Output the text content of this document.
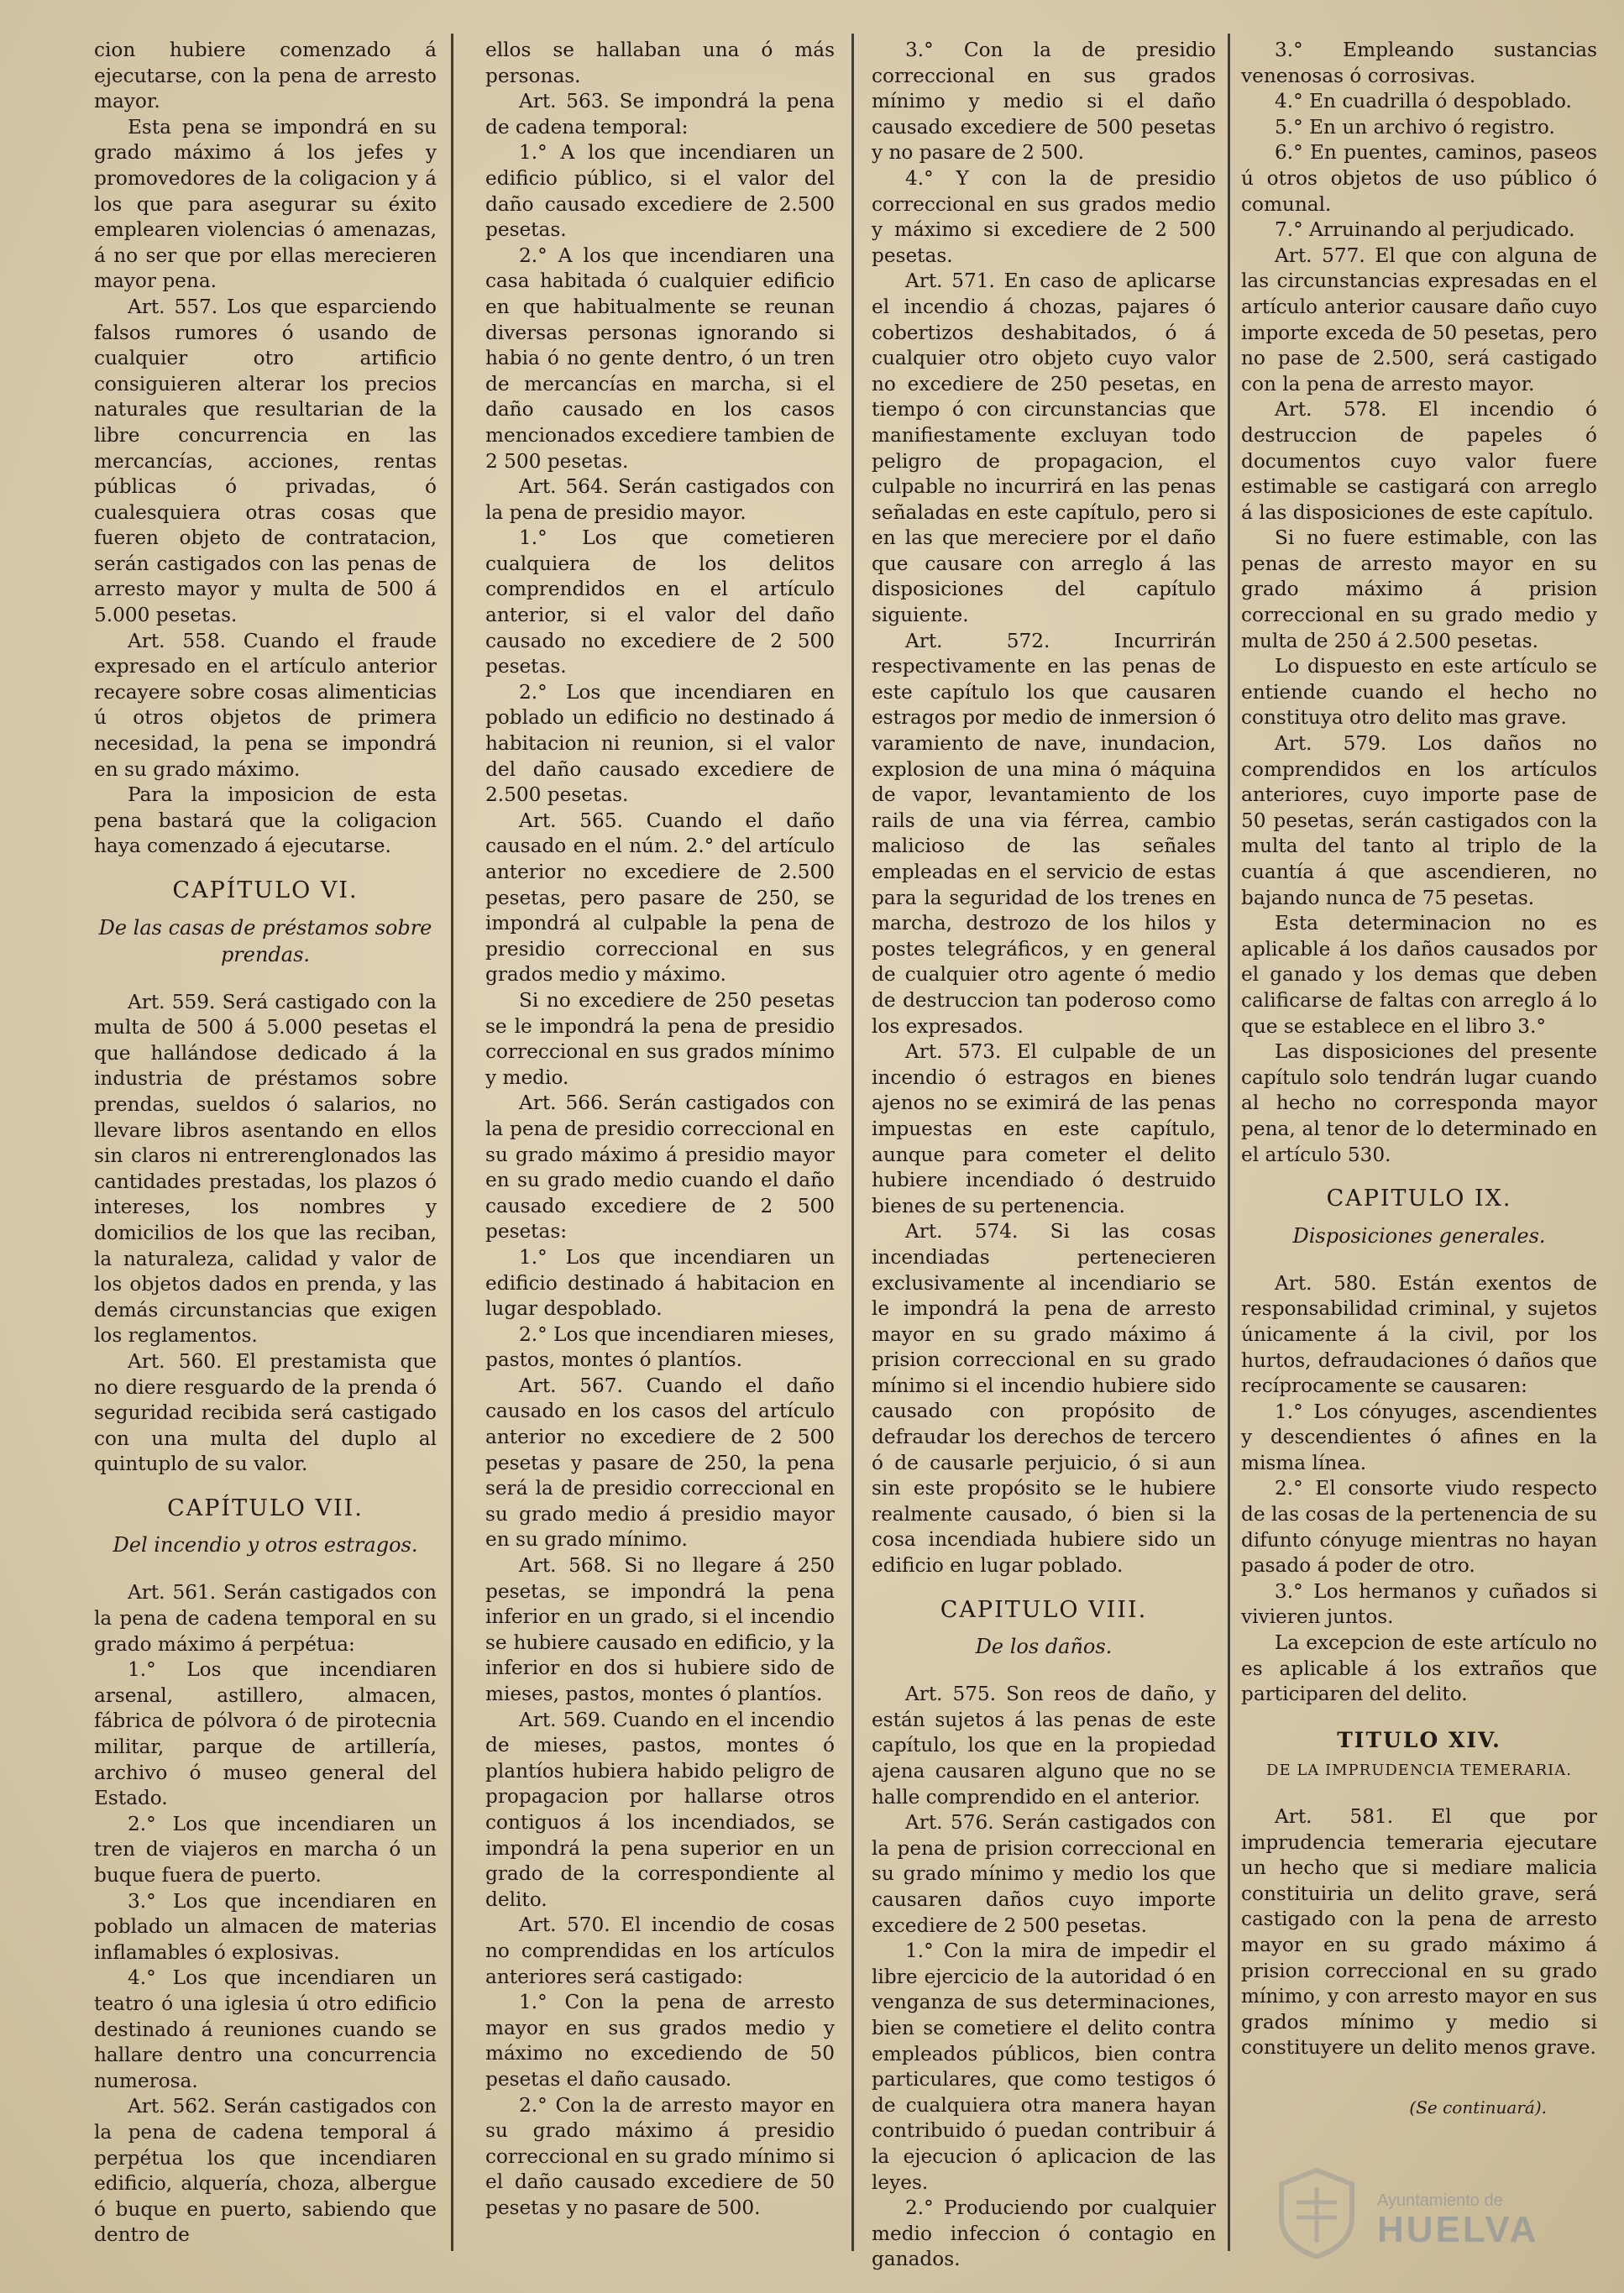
cion hubiere comenzado á ejecutarse, con la pena de arresto mayor.

Esta pena se impondrá en su grado máximo á los jefes y promovedores de la coligacion y á los que para asegurar su éxito emplearen violencias ó amenazas, á no ser que por ellas merecieren mayor pena.

Art. 557. Los que esparciendo falsos rumores ó usando de cualquier otro artificio consiguieren alterar los precios naturales que resultarian de la libre concurrencia en las mercancías, acciones, rentas públicas ó privadas, ó cualesquiera otras cosas que fueren objeto de contratacion, serán castigados con las penas de arresto mayor y multa de 500 á 5.000 pesetas.

Art. 558. Cuando el fraude expresado en el artículo anterior recayere sobre cosas alimenticias ú otros objetos de primera necesidad, la pena se impondrá en su grado máximo.

Para la imposicion de esta pena bastará que la coligacion haya comenzado á ejecutarse.

CAPÍTULO VI.
De las casas de préstamos sobre prendas.

Art. 559. Será castigado con la multa de 500 á 5.000 pesetas el que hallándose dedicado á la industria de préstamos sobre prendas, sueldos ó salarios, no llevare libros asentando en ellos sin claros ni entrerenglonados las cantidades prestadas, los plazos ó intereses, los nombres y domicilios de los que las reciban, la naturaleza, calidad y valor de los objetos dados en prenda, y las demás circunstancias que exigen los reglamentos.

Art. 560. El prestamista que no diere resguardo de la prenda ó seguridad recibida será castigado con una multa del duplo al quintuplo de su valor.

CAPÍTULO VII.
Del incendio y otros estragos.

Art. 561. Serán castigados con la pena de cadena temporal en su grado máximo á perpétua:

1.° Los que incendiaren arsenal, astillero, almacen, fábrica de pólvora ó de pirotecnia militar, parque de artillería, archivo ó museo general del Estado.

2.° Los que incendiaren un tren de viajeros en marcha ó un buque fuera de puerto.

3.° Los que incendiaren en poblado un almacen de materias inflamables ó explosivas.

4.° Los que incendiaren un teatro ó una iglesia ú otro edificio destinado á reuniones cuando se hallare dentro una concurrencia numerosa.

Art. 562. Serán castigados con la pena de cadena temporal á perpétua los que incendiaren edificio, alquería, choza, albergue ó buque en puerto, sabiendo que dentro de

ellos se hallaban una ó más personas.

Art. 563. Se impondrá la pena de cadena temporal:

1.° A los que incendiaren un edificio público, si el valor del daño causado excediere de 2.500 pesetas.

2.° A los que incendiaren una casa habitada ó cualquier edificio en que habitualmente se reunan diversas personas ignorando si habia ó no gente dentro, ó un tren de mercancías en marcha, si el daño causado en los casos mencionados excediere tambien de 2 500 pesetas.

Art. 564. Serán castigados con la pena de presidio mayor.

1.° Los que cometieren cualquiera de los delitos comprendidos en el artículo anterior, si el valor del daño causado no excediere de 2 500 pesetas.

2.° Los que incendiaren en poblado un edificio no destinado á habitacion ni reunion, si el valor del daño causado excediere de 2.500 pesetas.

Art. 565. Cuando el daño causado en el núm. 2.° del artículo anterior no excediere de 2.500 pesetas, pero pasare de 250, se impondrá al culpable la pena de presidio correccional en sus grados medio y máximo.

Si no excediere de 250 pesetas se le impondrá la pena de presidio correccional en sus grados mínimo y medio.

Art. 566. Serán castigados con la pena de presidio correccional en su grado máximo á presidio mayor en su grado medio cuando el daño causado excediere de 2 500 pesetas:

1.° Los que incendiaren un edificio destinado á habitacion en lugar despoblado.

2.° Los que incendiaren mieses, pastos, montes ó plantíos.

Art. 567. Cuando el daño causado en los casos del artículo anterior no excediere de 2 500 pesetas y pasare de 250, la pena será la de presidio correccional en su grado medio á presidio mayor en su grado mínimo.

Art. 568. Si no llegare á 250 pesetas, se impondrá la pena inferior en un grado, si el incendio se hubiere causado en edificio, y la inferior en dos si hubiere sido de mieses, pastos, montes ó plantíos.

Art. 569. Cuando en el incendio de mieses, pastos, montes ó plantíos hubiera habido peligro de propagacion por hallarse otros contiguos á los incendiados, se impondrá la pena superior en un grado de la correspondiente al delito.

Art. 570. El incendio de cosas no comprendidas en los artículos anteriores será castigado:

1.° Con la pena de arresto mayor en sus grados medio y máximo no excediendo de 50 pesetas el daño causado.

2.° Con la de arresto mayor en su grado máximo á presidio correccional en su grado mínimo si el daño causado excediere de 50 pesetas y no pasare de 500.

3.° Con la de presidio correccional en sus grados mínimo y medio si el daño causado excediere de 500 pesetas y no pasare de 2 500.

4.° Y con la de presidio correccional en sus grados medio y máximo si excediere de 2 500 pesetas.

Art. 571. En caso de aplicarse el incendio á chozas, pajares ó cobertizos deshabitados, ó á cualquier otro objeto cuyo valor no excediere de 250 pesetas, en tiempo ó con circunstancias que manifiestamente excluyan todo peligro de propagacion, el culpable no incurrirá en las penas señaladas en este capítulo, pero si en las que mereciere por el daño que causare con arreglo á las disposiciones del capítulo siguiente.

Art. 572. Incurrirán respectivamente en las penas de este capítulo los que causaren estragos por medio de inmersion ó varamiento de nave, inundacion, explosion de una mina ó máquina de vapor, levantamiento de los rails de una via férrea, cambio malicioso de las señales empleadas en el servicio de estas para la seguridad de los trenes en marcha, destrozo de los hilos y postes telegráficos, y en general de cualquier otro agente ó medio de destruccion tan poderoso como los expresados.

Art. 573. El culpable de un incendio ó estragos en bienes ajenos no se eximirá de las penas impuestas en este capítulo, aunque para cometer el delito hubiere incendiado ó destruido bienes de su pertenencia.

Art. 574. Si las cosas incendiadas pertenecieren exclusivamente al incendiario se le impondrá la pena de arresto mayor en su grado máximo á prision correccional en su grado mínimo si el incendio hubiere sido causado con propósito de defraudar los derechos de tercero ó de causarle perjuicio, ó si aun sin este propósito se le hubiere realmente causado, ó bien si la cosa incendiada hubiere sido un edificio en lugar poblado.

CAPITULO VIII.
De los daños.

Art. 575. Son reos de daño, y están sujetos á las penas de este capítulo, los que en la propiedad ajena causaren alguno que no se halle comprendido en el anterior.

Art. 576. Serán castigados con la pena de prision correccional en su grado mínimo y medio los que causaren daños cuyo importe excediere de 2 500 pesetas.

1.° Con la mira de impedir el libre ejercicio de la autoridad ó en venganza de sus determinaciones, bien se cometiere el delito contra empleados públicos, bien contra particulares, que como testigos ó de cualquiera otra manera hayan contribuido ó puedan contribuir á la ejecucion ó aplicacion de las leyes.

2.° Produciendo por cualquier medio infeccion ó contagio en ganados.

3.° Empleando sustancias venenosas ó corrosivas.

4.° En cuadrilla ó despoblado.

5.° En un archivo ó registro.

6.° En puentes, caminos, paseos ú otros objetos de uso público ó comunal.

7.° Arruinando al perjudicado.

Art. 577. El que con alguna de las circunstancias expresadas en el artículo anterior causare daño cuyo importe exceda de 50 pesetas, pero no pase de 2.500, será castigado con la pena de arresto mayor.

Art. 578. El incendio ó destruccion de papeles ó documentos cuyo valor fuere estimable se castigará con arreglo á las disposiciones de este capítulo.

Si no fuere estimable, con las penas de arresto mayor en su grado máximo á prision correccional en su grado medio y multa de 250 á 2.500 pesetas.

Lo dispuesto en este artículo se entiende cuando el hecho no constituya otro delito mas grave.

Art. 579. Los daños no comprendidos en los artículos anteriores, cuyo importe pase de 50 pesetas, serán castigados con la multa del tanto al triplo de la cuantía á que ascendieren, no bajando nunca de 75 pesetas.

Esta determinacion no es aplicable á los daños causados por el ganado y los demas que deben calificarse de faltas con arreglo á lo que se establece en el libro 3.°

Las disposiciones del presente capítulo solo tendrán lugar cuando al hecho no corresponda mayor pena, al tenor de lo determinado en el artículo 530.

CAPITULO IX.
Disposiciones generales.

Art. 580. Están exentos de responsabilidad criminal, y sujetos únicamente á la civil, por los hurtos, defraudaciones ó daños que recíprocamente se causaren:

1.° Los cónyuges, ascendientes y descendientes ó afines en la misma línea.

2.° El consorte viudo respecto de las cosas de la pertenencia de su difunto cónyuge mientras no hayan pasado á poder de otro.

3.° Los hermanos y cuñados si vivieren juntos.

La excepcion de este artículo no es aplicable á los extraños que participaren del delito.

TITULO XIV.
DE LA IMPRUDENCIA TEMERARIA.

Art. 581. El que por imprudencia temeraria ejecutare un hecho que si mediare malicia constituiria un delito grave, será castigado con la pena de arresto mayor en su grado máximo á prision correccional en su grado mínimo, y con arresto mayor en sus grados mínimo y medio si constituyere un delito menos grave.

(Se continuará).
Ayuntamiento de
HUELVA
